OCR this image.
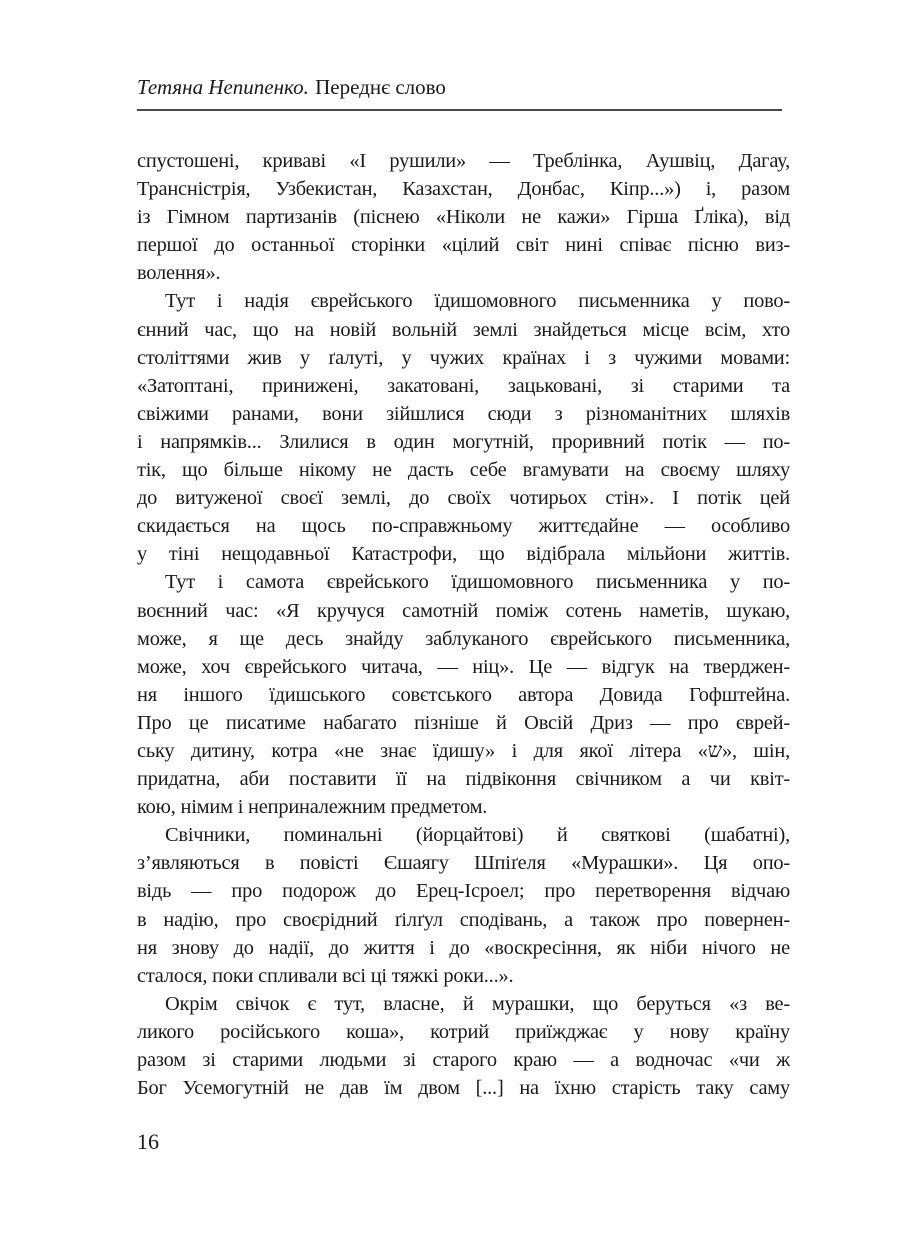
Тетяна Непипенко. Переднє слово
спустошені, криваві «І рушили» — Треблінка, Аушвіц, Дагау,
Трансністрія, Узбекистан, Казахстан, Донбас, Кіпр...») і, разом
із Гімном партизанів (піснею «Ніколи не кажи» Гірша Ґліка), від
першої до останньої сторінки «цілий світ нині співає пісню виз-
волення».
Тут і надія єврейського їдишомовного письменника у пово-
єнний час, що на новій вольній землі знайдеться місце всім, хто
століттями жив у ґалуті, у чужих країнах і з чужими мовами:
«Затоптані, принижені, закатовані, зацьковані, зі старими та
свіжими ранами, вони зійшлися сюди з різноманітних шляхів
і напрямків... Злилися в один могутній, проривний потік — по-
тік, що більше нікому не дасть себе вгамувати на своєму шляху
до витуженої своєї землі, до своїх чотирьох стін». І потік цей
скидається на щось по-справжньому життєдайне — особливо
у тіні нещодавньої Катастрофи, що відібрала мільйони життів.
Тут і самота єврейського їдишомовного письменника у по-
воєнний час: «Я кручуся самотній поміж сотень наметів, шукаю,
може, я ще десь знайду заблуканого єврейського письменника,
може, хоч єврейського читача, — ніц». Це — відгук на тверджен-
ня іншого їдишського совєтського автора Довида Гофштейна.
Про це писатиме набагато пізніше й Овсій Дриз — про єврей-
ську дитину, котра «не знає їдишу» і для якої літера «ש», шін,
придатна, аби поставити її на підвіконня свічником а чи квіт-
кою, німим і неприналежним предметом.
Свічники, поминальні (йорцайтові) й святкові (шабатні),
з’являються в повісті Єшаягу Шпіґеля «Мурашки». Ця опо-
відь — про подорож до Ерец-Ісроел; про перетворення відчаю
в надію, про своєрідний ґілґул сподівань, а також про повернен-
ня знову до надії, до життя і до «воскресіння, як ніби нічого не
сталося, поки спливали всі ці тяжкі роки...».
Окрім свічок є тут, власне, й мурашки, що беруться «з ве-
ликого російського коша», котрий приїжджає у нову країну
разом зі старими людьми зі старого краю — а водночас «чи ж
Бог Усемогутній не дав їм двом [...] на їхню старість таку саму
16
